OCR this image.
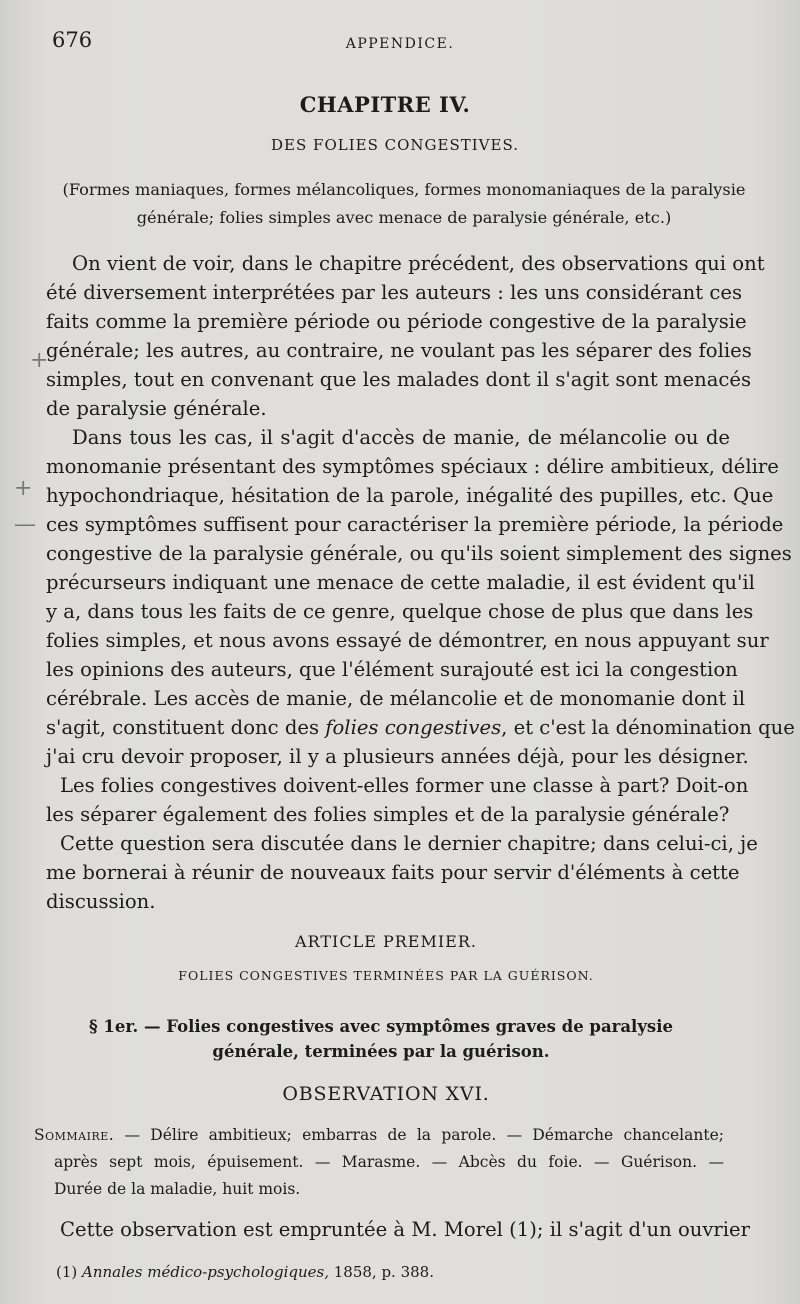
676	APPENDICE.
CHAPITRE IV.
DES FOLIES CONGESTIVES.
(Formes maniaques, formes mélancoliques, formes monomaniaques de la paralysie
générale; folies simples avec menace de paralysie générale, etc.)
+
+
—
On vient de voir, dans le chapitre précédent, des observations qui ont
été diversement interprétées par les auteurs : les uns considérant ces
faits comme la première période ou période congestive de la paralysie
générale; les autres, au contraire, ne voulant pas les séparer des folies
simples, tout en convenant que les malades dont il s'agit sont menacés
de paralysie générale.
Dans tous les cas, il s'agit d'accès de manie, de mélancolie ou de
monomanie présentant des symptômes spéciaux : délire ambitieux, délire
hypochondriaque, hésitation de la parole, inégalité des pupilles, etc. Que
ces symptômes suffisent pour caractériser la première période, la période
congestive de la paralysie générale, ou qu'ils soient simplement des signes
précurseurs indiquant une menace de cette maladie, il est évident qu'il
y a, dans tous les faits de ce genre, quelque chose de plus que dans les
folies simples, et nous avons essayé de démontrer, en nous appuyant sur
les opinions des auteurs, que l'élément surajouté est ici la congestion
cérébrale. Les accès de manie, de mélancolie et de monomanie dont il
s'agit, constituent donc des folies congestives, et c'est la dénomination que
j'ai cru devoir proposer, il y a plusieurs années déjà, pour les désigner.
Les folies congestives doivent-elles former une classe à part? Doit-on
les séparer également des folies simples et de la paralysie générale?
Cette question sera discutée dans le dernier chapitre; dans celui-ci, je
me bornerai à réunir de nouveaux faits pour servir d'éléments à cette
discussion.
ARTICLE PREMIER.
FOLIES CONGESTIVES TERMINÉES PAR LA GUÉRISON.
§ 1er. — Folies congestives avec symptômes graves de paralysie
générale, terminées par la guérison.
OBSERVATION XVI.
Sommaire. — Délire ambitieux; embarras de la parole. — Démarche chancelante;
après sept mois, épuisement. — Marasme. — Abcès du foie. — Guérison. —
Durée de la maladie, huit mois.
Cette observation est empruntée à M. Morel (1); il s'agit d'un ouvrier
(1) Annales médico-psychologiques, 1858, p. 388.
